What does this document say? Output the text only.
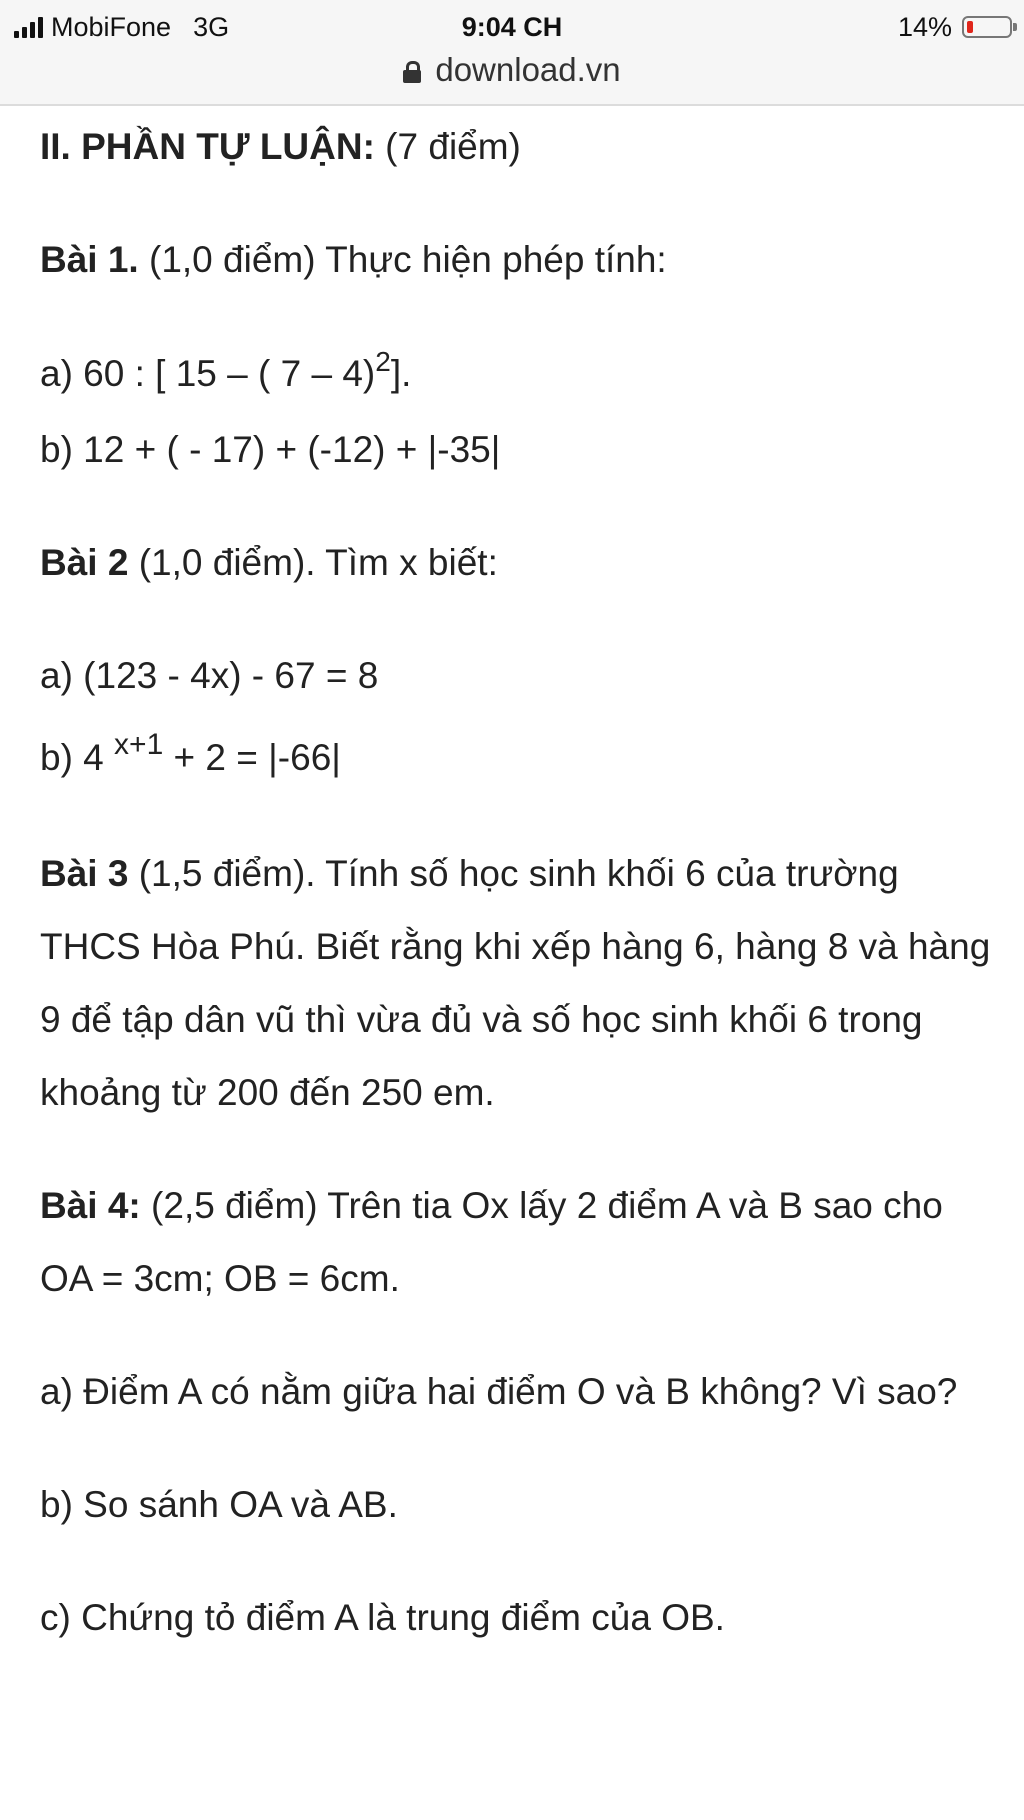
MobiFone 3G	9:04 CH	14%
download.vn

II. PHẦN TỰ LUẬN: (7 điểm)

Bài 1. (1,0 điểm) Thực hiện phép tính:

a) 60 : [ 15 – ( 7 – 4)$^2$].

b) 12 + ( - 17) + (-12) + |-35|

Bài 2 (1,0 điểm). Tìm x biết:

a) (123 - 4x) - 67 = 8

b) 4 $^{x+1}$ + 2 = |-66|

Bài 3 (1,5 điểm). Tính số học sinh khối 6 của trường THCS Hòa Phú. Biết rằng khi xếp hàng 6, hàng 8 và hàng 9 để tập dân vũ thì vừa đủ và số học sinh khối 6 trong khoảng từ 200 đến 250 em.

Bài 4: (2,5 điểm) Trên tia Ox lấy 2 điểm A và B sao cho OA = 3cm; OB = 6cm.

a) Điểm A có nằm giữa hai điểm O và B không? Vì sao?

b) So sánh OA và AB.

c) Chứng tỏ điểm A là trung điểm của OB.
